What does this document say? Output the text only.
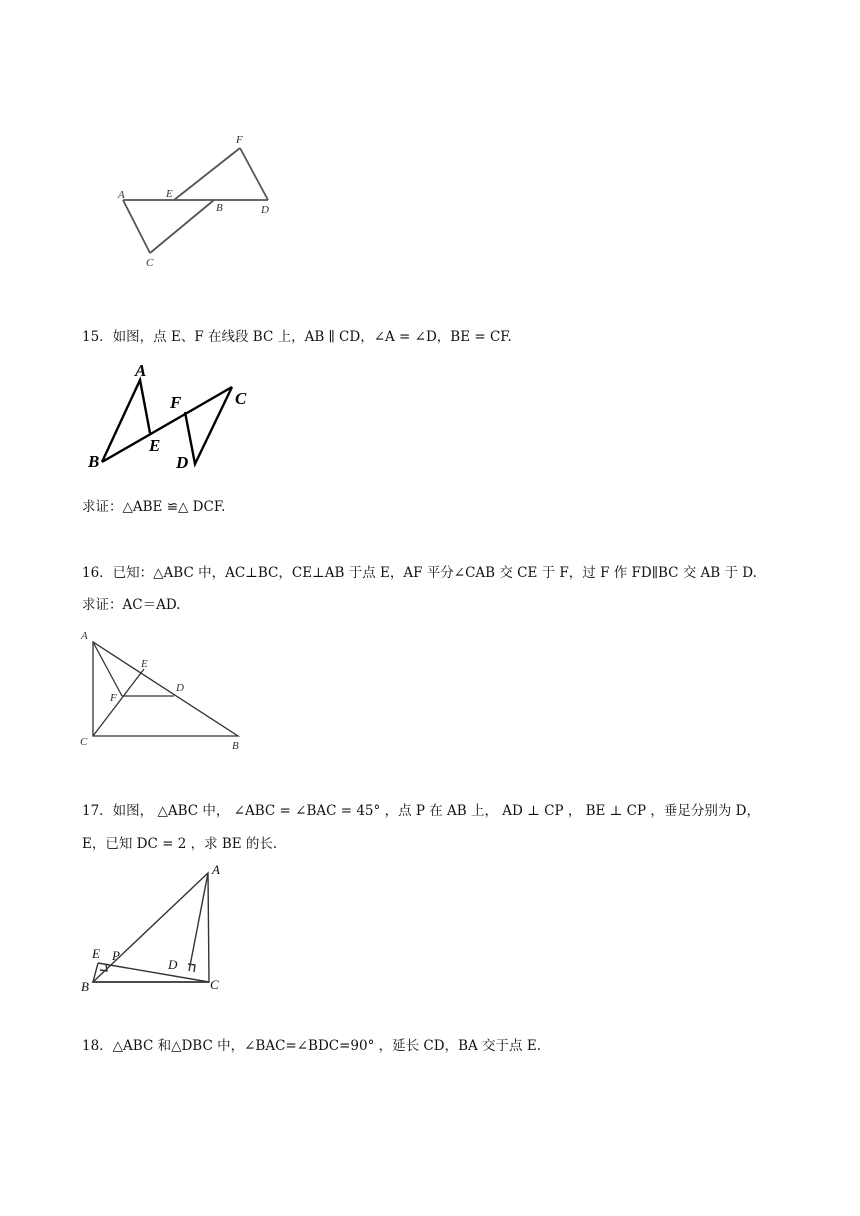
A	E
B	D
F
C
15．如图，点 E、F 在线段 BC 上，AB ∥ CD，∠A = ∠D，BE = CF.
A
B
C
D
E
F
求证：△ABE ≌△ DCF.
16．已知：△ABC 中，AC⊥BC，CE⊥AB 于点 E，AF 平分∠CAB 交 CE 于 F，过 F 作 FD∥BC 交 AB 于 D.
求证：AC＝AD.
A
E
F
D
C	B
17．如图， △ABC 中， ∠ABC = ∠BAC = 45° ，点 P 在 AB 上， AD ⊥ CP ， BE ⊥ CP ，垂足分别为 D，
E，已知 DC = 2 ，求 BE 的长.
A
E P
D
B	C
18．△ABC 和△DBC 中，∠BAC=∠BDC=90° ，延长 CD，BA 交于点 E.
